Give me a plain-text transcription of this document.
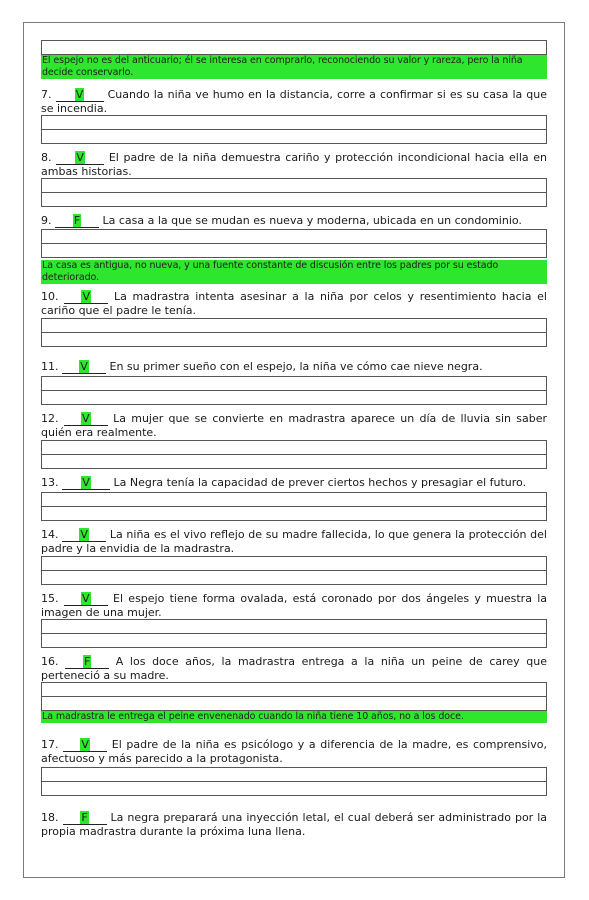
El espejo no es del anticuario; él se interesa en comprarlo, reconociendo su valor y rareza, pero la niña decide conservarlo.
7. V Cuando la niña ve humo en la distancia, corre a confirmar si es su casa la que se incendia.
8. V El padre de la niña demuestra cariño y protección incondicional hacia ella en ambas historias.
9. F La casa a la que se mudan es nueva y moderna, ubicada en un condominio.
La casa es antigua, no nueva, y una fuente constante de discusión entre los padres por su estado deteriorado.
10. V La madrastra intenta asesinar a la niña por celos y resentimiento hacia el cariño que el padre le tenía.
11. V En su primer sueño con el espejo, la niña ve cómo cae nieve negra.
12. V La mujer que se convierte en madrastra aparece un día de lluvia sin saber quién era realmente.
13. V La Negra tenía la capacidad de prever ciertos hechos y presagiar el futuro.
14. V La niña es el vivo reflejo de su madre fallecida, lo que genera la protección del padre y la envidia de la madrastra.
15. V El espejo tiene forma ovalada, está coronado por dos ángeles y muestra la imagen de una mujer.
16. F A los doce años, la madrastra entrega a la niña un peine de carey que perteneció a su madre.
La madrastra le entrega el peine envenenado cuando la niña tiene 10 años, no a los doce.
17. V El padre de la niña es psicólogo y a diferencia de la madre, es comprensivo, afectuoso y más parecido a la protagonista.
18. F La negra preparará una inyección letal, el cual deberá ser administrado por la propia madrastra durante la próxima luna llena.
